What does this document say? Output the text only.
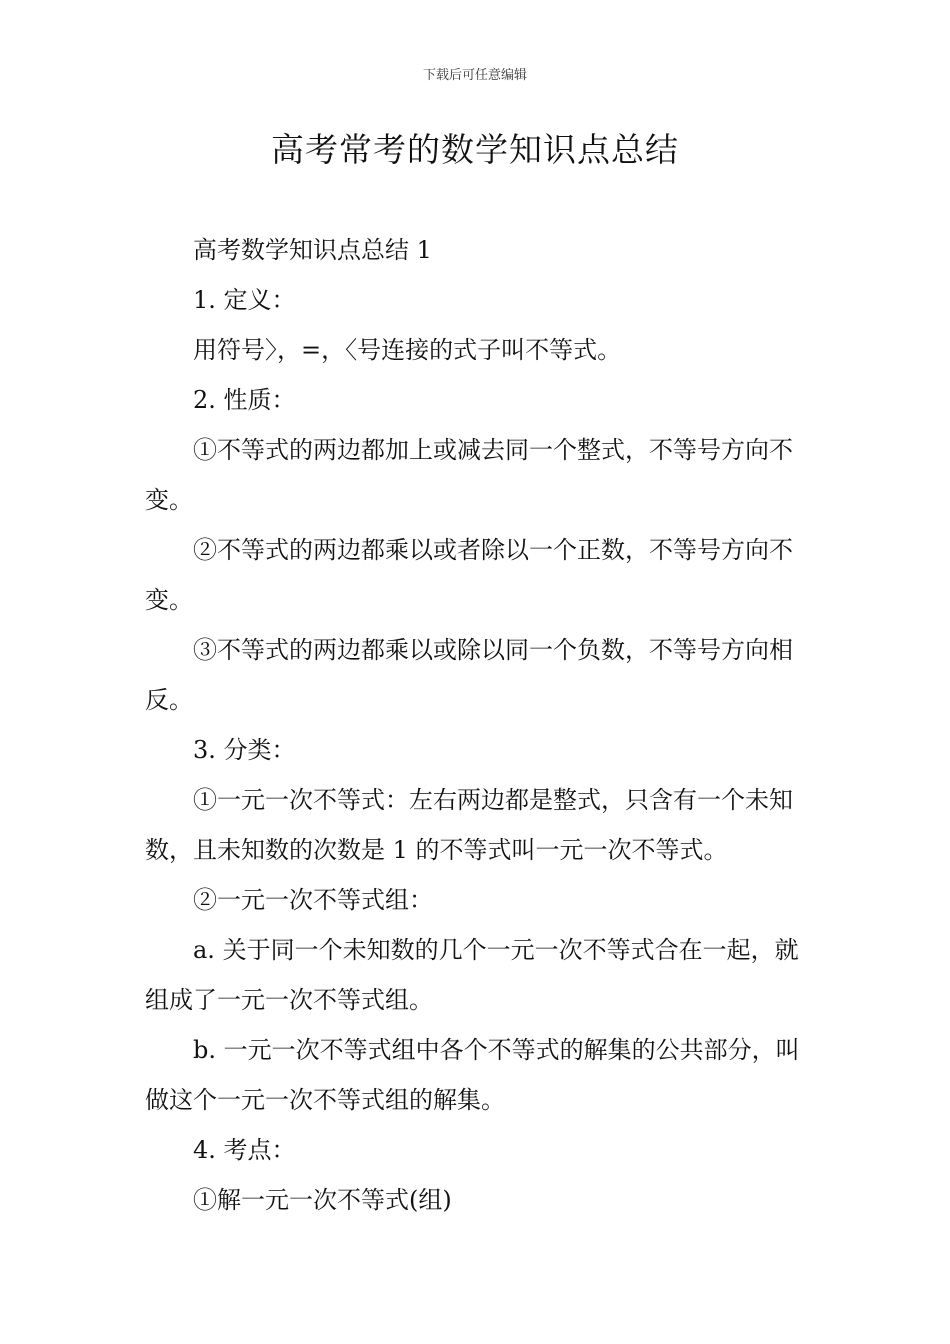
下载后可任意编辑
高考常考的数学知识点总结

高考数学知识点总结 1

1. 定义：

用符号〉，=，〈号连接的式子叫不等式。

2. 性质：

①不等式的两边都加上或减去同一个整式，不等号方向不变。

②不等式的两边都乘以或者除以一个正数，不等号方向不变。

③不等式的两边都乘以或除以同一个负数，不等号方向相反。

3. 分类：

①一元一次不等式：左右两边都是整式，只含有一个未知数，且未知数的次数是 1 的不等式叫一元一次不等式。

②一元一次不等式组：

a. 关于同一个未知数的几个一元一次不等式合在一起，就组成了一元一次不等式组。

b. 一元一次不等式组中各个不等式的解集的公共部分，叫做这个一元一次不等式组的解集。

4. 考点：

①解一元一次不等式(组)
